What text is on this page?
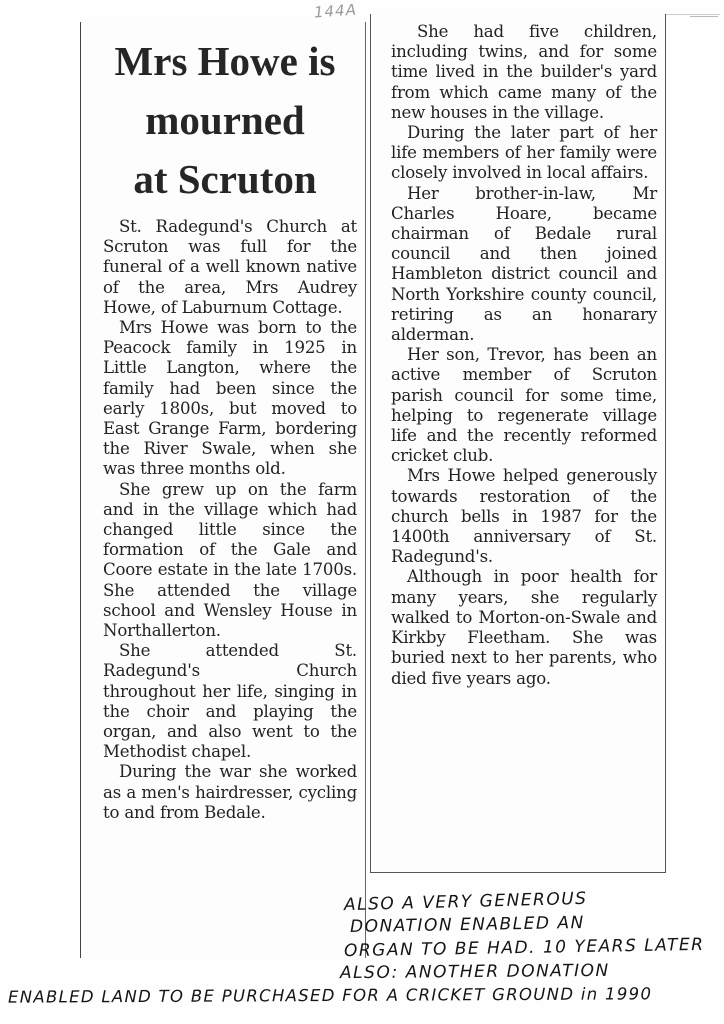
144A
Mrs Howe is
mourned
at Scruton

St. Radegund's Church at Scruton was full for the funeral of a well known native of the area, Mrs Audrey Howe, of Laburnum Cottage.

Mrs Howe was born to the Peacock family in 1925 in Little Langton, where the family had been since the early 1800s, but moved to East Grange Farm, bordering the River Swale, when she was three months old.

She grew up on the farm and in the village which had changed little since the formation of the Gale and Coore estate in the late 1700s. She attended the village school and Wensley House in Northallerton.

She attended St. Radegund's Church throughout her life, singing in the choir and playing the organ, and also went to the Methodist chapel.

During the war she worked as a men's hairdresser, cycling to and from Bedale.

She had five children, including twins, and for some time lived in the builder's yard from which came many of the new houses in the village.

During the later part of her life members of her family were closely involved in local affairs.

Her brother-in-law, Mr Charles Hoare, became chairman of Bedale rural council and then joined Hambleton district council and North Yorkshire county council, retiring as an honarary alderman.

Her son, Trevor, has been an active member of Scruton parish council for some time, helping to regenerate village life and the recently reformed cricket club.

Mrs Howe helped generously towards restoration of the church bells in 1987 for the 1400th anniversary of St. Radegund's.

Although in poor health for many years, she regularly walked to Morton-on-Swale and Kirkby Fleetham. She was buried next to her parents, who died five years ago.

ALSO A VERY GENEROUS
DONATION ENABLED AN
ORGAN TO BE HAD. 10 YEARS LATER
ALSO: ANOTHER DONATION
ENABLED LAND TO BE PURCHASED FOR A CRICKET GROUND in 1990
